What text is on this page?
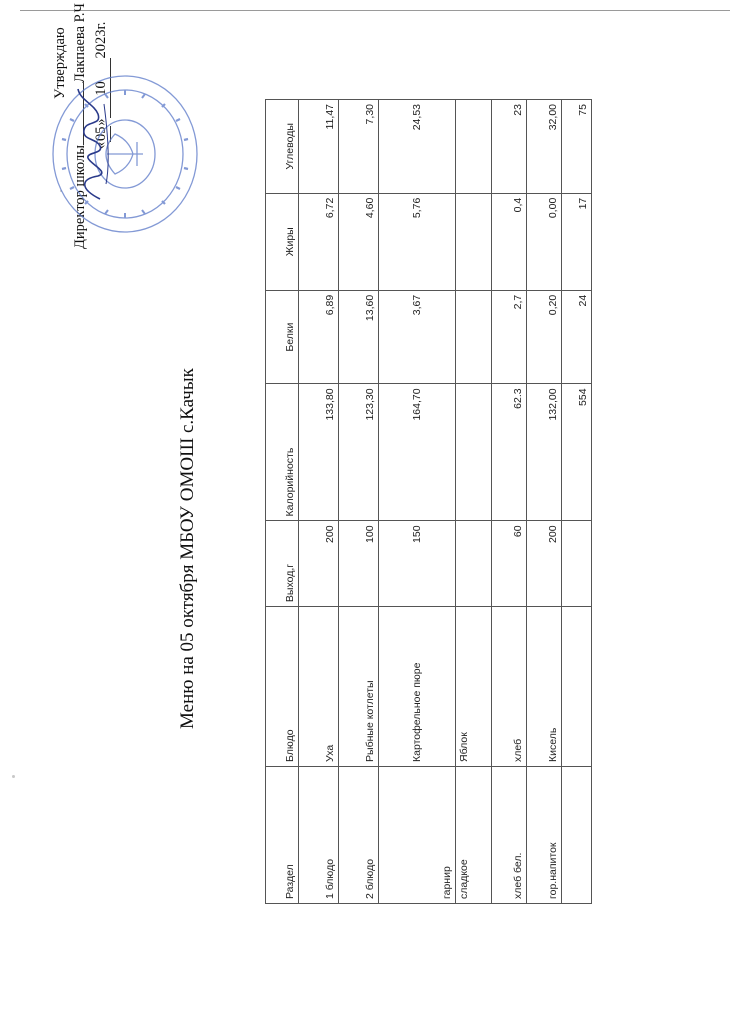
Меню на 05 октября МБОУ ОМОШ с.Качык
Утверждаю
Директор школыЛакпаева Р.Ч
«05»102023г.
Раздел	Блюдо	Выход,г	Калорийность	Белки	Жиры	Углеводы
1 блюдо	Уха	200	133,80	6,89	6,72	11,47
2 блюдо	Рыбные котлеты	100	123,30	13,60	4,60	7,30
гарнир	Картофельное пюре	150	164,70	3,67	5,76	24,53
сладкое	Яблок					
хлеб бел.	хлеб	60	62.3	2,7	0,4	23
гор.напиток	Кисель	200	132,00	0,20	0,00	32,00
			554	24	17	75
